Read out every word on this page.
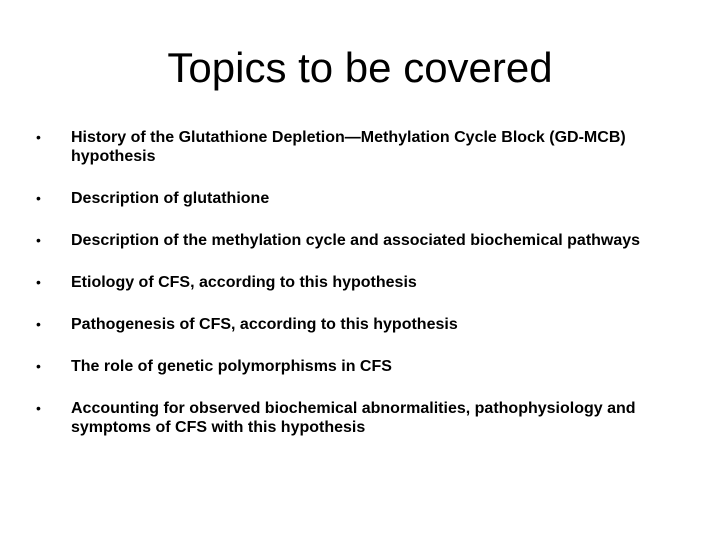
Topics to be covered
• History of the Glutathione Depletion—Methylation Cycle Block (GD-MCB) hypothesis
• Description of glutathione
• Description of the methylation cycle and associated biochemical pathways
• Etiology of CFS, according to this hypothesis
• Pathogenesis of CFS, according to this hypothesis
• The role of genetic polymorphisms in CFS
• Accounting for observed biochemical abnormalities, pathophysiology and symptoms of CFS with this hypothesis
